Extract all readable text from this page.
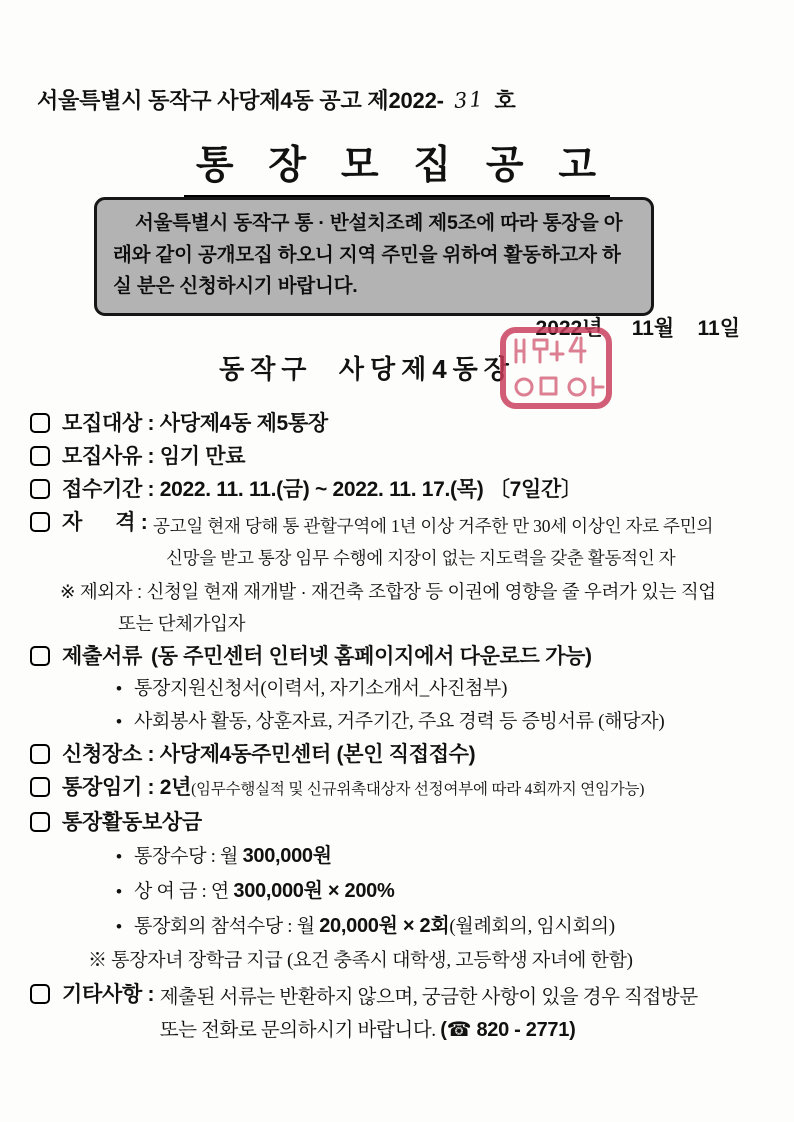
서울특별시 동작구 사당제4동 공고 제2022- 31 호
통 장 모 집 공 고

서울특별시 동작구 통 · 반설치조례 제5조에 따라 통장을 아래와 같이 공개모집 하오니 지역 주민을 위하여 활동하고자 하실 분은 신청하시기 바랍니다.

2022년     11월    11일
동작구  사당제4동장
모집대상 : 사당제4동 제5통장
모집사유 : 임기 만료
접수기간 : 2022. 11. 11.(금) ~ 2022. 11. 17.(목) 〔7일간〕
자      격 : 공고일 현재 당해 통 관할구역에 1년 이상 거주한 만 30세 이상인 자로 주민의
신망을 받고 통장 임무 수행에 지장이 없는 지도력을 갖춘 활동적인 자
※ 제외자 : 신청일 현재 재개발 · 재건축 조합장 등 이권에 영향을 줄 우려가 있는 직업
또는 단체가입자
제출서류 (동 주민센터 인터넷 홈페이지에서 다운로드 가능)
• 통장지원신청서(이력서, 자기소개서_사진첨부)
• 사회봉사 활동, 상훈자료, 거주기간, 주요 경력 등 증빙서류 (해당자)
신청장소 : 사당제4동주민센터 (본인 직접접수)
통장임기 : 2년(임무수행실적 및 신규위촉대상자 선정여부에 따라 4회까지 연임가능)
통장활동보상금
• 통장수당 : 월 300,000원
• 상 여 금 : 연 300,000원 × 200%
• 통장회의 참석수당 : 월 20,000원 × 2회(월례회의, 임시회의)
※ 통장자녀 장학금 지급 (요건 충족시 대학생, 고등학생 자녀에 한함)
기타사항 : 제출된 서류는 반환하지 않으며, 궁금한 사항이 있을 경우 직접방문
또는 전화로 문의하시기 바랍니다. (☎ 820 - 2771)
